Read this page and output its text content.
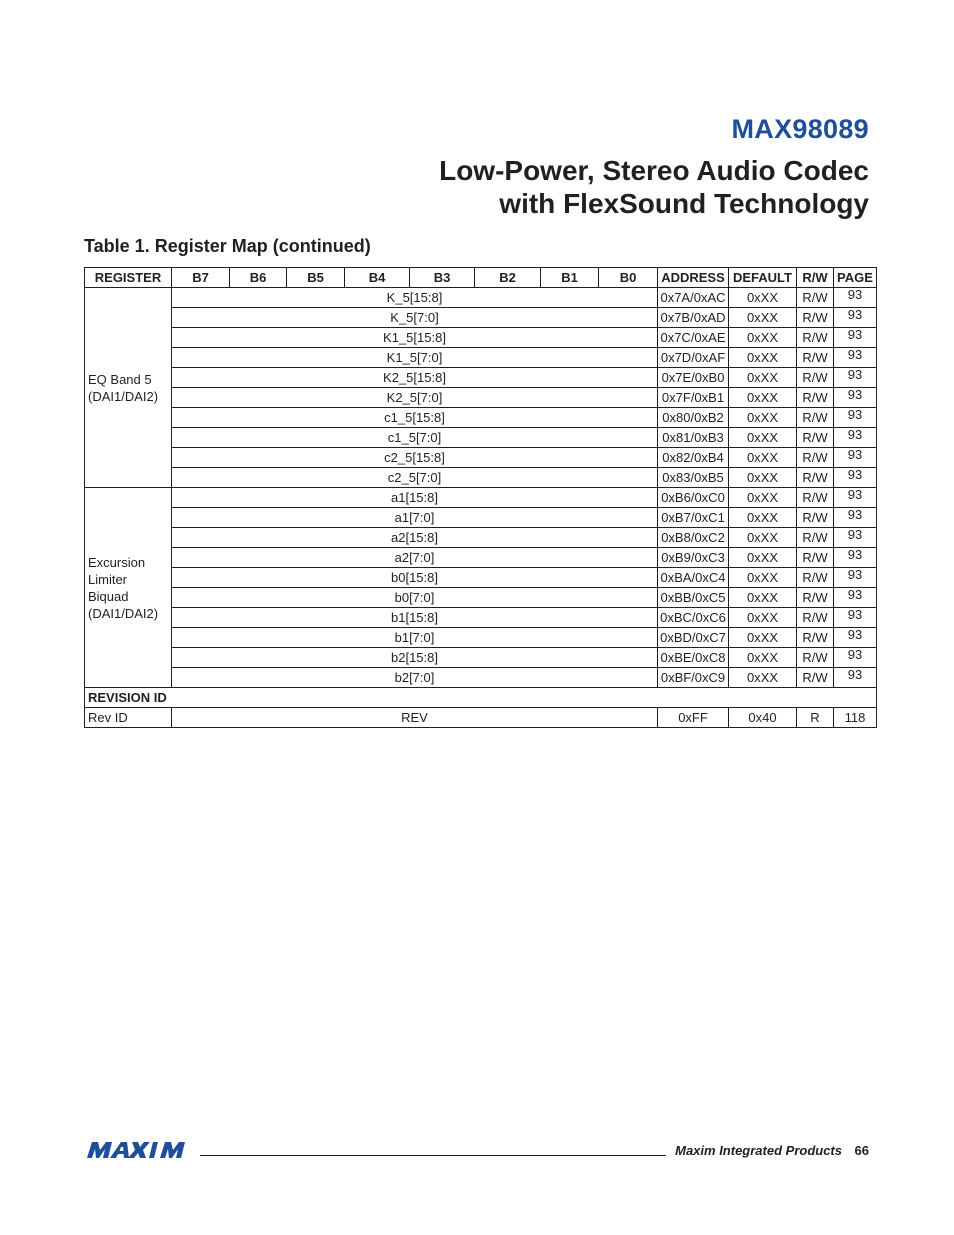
MAX98089
Low-Power, Stereo Audio Codec
with FlexSound Technology
Table 1. Register Map (continued)
REGISTER	B7	B6	B5	B4	B3	B2	B1	B0	ADDRESS	DEFAULT	R/W	PAGE
EQ Band 5 (DAI1/DAI2)	K_5[15:8]								0x7A/0xAC	0xXX	R/W	93
	K_5[7:0]								0x7B/0xAD	0xXX	R/W	93
	K1_5[15:8]								0x7C/0xAE	0xXX	R/W	93
	K1_5[7:0]								0x7D/0xAF	0xXX	R/W	93
	K2_5[15:8]								0x7E/0xB0	0xXX	R/W	93
	K2_5[7:0]								0x7F/0xB1	0xXX	R/W	93
	c1_5[15:8]								0x80/0xB2	0xXX	R/W	93
	c1_5[7:0]								0x81/0xB3	0xXX	R/W	93
	c2_5[15:8]								0x82/0xB4	0xXX	R/W	93
	c2_5[7:0]								0x83/0xB5	0xXX	R/W	93
Excursion Limiter Biquad (DAI1/DAI2)	a1[15:8]								0xB6/0xC0	0xXX	R/W	93
	a1[7:0]								0xB7/0xC1	0xXX	R/W	93
	a2[15:8]								0xB8/0xC2	0xXX	R/W	93
	a2[7:0]								0xB9/0xC3	0xXX	R/W	93
	b0[15:8]								0xBA/0xC4	0xXX	R/W	93
	b0[7:0]								0xBB/0xC5	0xXX	R/W	93
	b1[15:8]								0xBC/0xC6	0xXX	R/W	93
	b1[7:0]								0xBD/0xC7	0xXX	R/W	93
	b2[15:8]								0xBE/0xC8	0xXX	R/W	93
	b2[7:0]								0xBF/0xC9	0xXX	R/W	93
REVISION ID												
Rev ID	REV								0xFF	0x40	R	118
Maxim Integrated Products 66
